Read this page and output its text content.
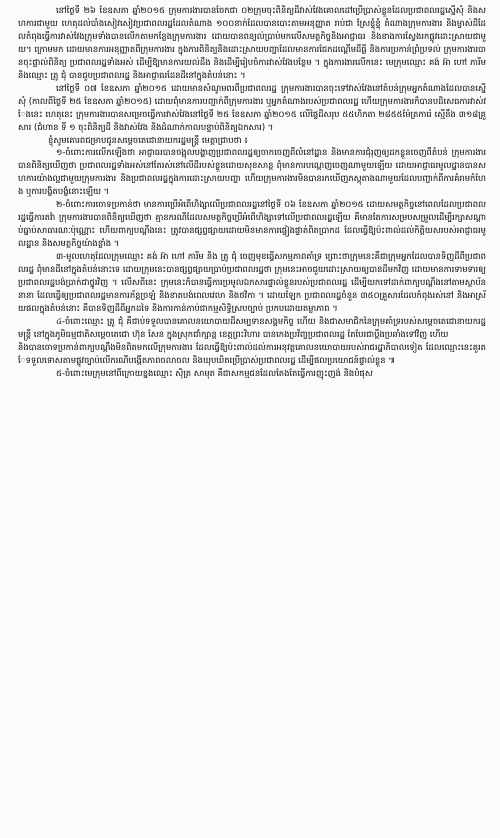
នៅថ្ងៃទី ២៦ ខែឧសភា ឆ្នាំ២០១៥ ក្រុមការងារបានចែកជា ០២ក្រុមចុះពិនិត្យដីវាស់វែងគោលដៅប្រើប្រាស់ខ្លួនដែលប្រជាពលរដ្ឋស្នើសុំ និងសហការជាមួយ ហេតុដល់បាំងសៀវសៀវប្រជាពលរដ្ឋដែលតំណាង ១០០នាក់ដែលបានបោះតាមអនុញ្ញាត រាប់ជា ស្រែខ្ទុំខ្ទុំ តំណាងក្រុមការងារ និងម្ចាស់ដីដែលកំពុងធ្វើការវាស់វែងក្រុមទាំងបានលើកតាមកន្លែងក្រុមការងារ ដោយបានពន្យល់ប្រាប់មកលើសមត្ថកិច្ចនិងអាជ្ញាធរ និងខាងការស្វែងរកផ្លូវដោះស្រាយជាមួយ។ ក្រោមមក ដោយមានការអនុញ្ញាតពីក្រុមការងារ ក្នុងការពិនិត្យនិងដោះស្រាយបញ្ហាដែលមានការជែកដណ្តើមដីធ្លី និងការប្រកាន់ព្រំប្រទល់ ក្រុមការងារបានចុះផ្ទាល់ពិនិត្យ ប្រជាពលរដ្ឋទាំងអស់ ដើម្បីឱ្យមានការយល់ដឹង និងដើម្បីរៀបចំការវាស់វែងបន្ថែម ។ ក្នុងការងារលើកនេះ មេក្រុមឈ្មោះ គង់ អ៊ា ហៅ ភារីម និងឈ្មោះ ត្រូ ជុំ បានជួបប្រជាពលរដ្ឋ និងអាជ្ញាធរដែនដីនៅក្នុងតំបន់នោះ ។

នៅថ្ងៃទី ០៧ ខែឧសភា ឆ្នាំ២០១៥ ដោយមានសំណូមពរពីប្រជាពលរដ្ឋ ក្រុមការងារបានចុះទៅវាស់វែងនៅតំបន់ក្រុមអ្នកតំណាងដែលបានស្នើសុំ (កាលពីថ្ងៃទី ២៥ ខែឧសភា ឆ្នាំ២០១៥) ដោយពុំមានការបញ្ជាក់ពីក្រុមការងារ ឬអ្នកតំណាងរបស់ប្រជាពលរដ្ឋ ហើយក្រុមការងារក៏បានបដិសេធការវាស់វែងនេះ ហេតុនេះ ក្រុមការងារបានសម្រេចធ្វើការវាស់វែងនៅថ្ងៃទី ២៥ ខែឧសភា ឆ្នាំ២០១៥ លើផ្ទៃដីសរុប ៥៥ហិកតា ២៨៥៥ម៉ែត្រការ៉េ ស្មើនឹង ៣១៨គ្រួសារ (ជំហាន ទី ១ ចុះពិនិត្យដី និងវាស់វែង និងដំណាក់កាលបន្ទាប់ពិនិត្យឯកសារ) ។

ខ្ញុំសូមគោរពជម្រាបជូនសម្តេចតេជោនាយករដ្ឋមន្ត្រី មេត្តាជ្រាបថា ៖

១-ចំពោះការលើកឡើងថា អាជ្ញាធរបានចង្អុលបង្ហាញប្រជាពលរដ្ឋឲ្យចាកចេញពីលំនៅដ្ឋាន និងមានការជុំរុញឲ្យដកខ្លួនចេញពីតំបន់ ក្រុមការងារបានពិនិត្យឃើញថា ប្រជាពលរដ្ឋទាំងអស់នៅតែរស់នៅលើដីរបស់ខ្លួនដោយសុខសាន្ត ពុំមានការបណ្តេញចេញណាមួយឡើយ ដោយអាជ្ញាធរមូលដ្ឋានបានសហការយ៉ាងល្អជាមួយក្រុមការងារ និងប្រជាពលរដ្ឋក្នុងការដោះស្រាយបញ្ហា ហើយក្រុមការងារមិនបានរកឃើញភស្តុតាងណាមួយដែលបញ្ជាក់ពីការគំរាមកំហែង ឬការបង្ខិតបង្ខំនោះឡើយ ។

២-ចំពោះការចោទប្រកាន់ថា មានការប្រើអំពើហិង្សាលើប្រជាពលរដ្ឋនៅថ្ងៃទី ០៦ ខែឧសភា ឆ្នាំ២០១៥ ដោយសមត្ថកិច្ចនៅពេលដែលប្រជាពលរដ្ឋធ្វើការតវ៉ា ក្រុមការងារបានពិនិត្យឃើញថា គ្មានករណីដែលសមត្ថកិច្ចប្រើអំពើហិង្សាទៅលើប្រជាពលរដ្ឋឡើយ គឺមានតែការសម្របសម្រួលដើម្បីរក្សាសណ្តាប់ធ្នាប់សាធារណៈប៉ុណ្ណោះ ហើយពាក្យបណ្តឹងនេះ ត្រូវបានផ្សព្វផ្សាយដោយមិនមានការផ្ទៀងផ្ទាត់ពិតប្រាកដ ដែលធ្វើឱ្យប៉ះពាល់ដល់កិត្តិយសរបស់អាជ្ញាធរមូលដ្ឋាន និងសមត្ថកិច្ចយ៉ាងខ្លាំង ។

៣-មូលហេតុដែលក្រុមឈ្មោះ គង់ អ៊ា ហៅ ភារីម និង ត្រូ ជុំ ចេញមុខធ្វើសកម្មភាពគាំទ្រ ព្រោះថាក្រុមនេះគឺជាក្រុមអ្នកដែលបានទិញដីពីប្រជាពលរដ្ឋ ពុំមានដីនៅក្នុងតំបន់នោះទេ ដោយក្រុមនេះបានផ្សព្វផ្សាយប្រាប់ប្រជាពលរដ្ឋថា ក្រុមនេះអាចជួយដោះស្រាយឲ្យបានដីមកវិញ ដោយមានការទាមទារឲ្យប្រជាពលរដ្ឋបង់ប្រាក់ជាថ្នូរវិញ ។ លើសពីនេះ ក្រុមនេះក៏បានធ្វើការប្រមូលឯកសារផ្ទាល់ខ្លួនរបស់ប្រជាពលរដ្ឋ ដើម្បីយកទៅដាក់ពាក្យបណ្តឹងនៅតាមស្ថាប័ននានា ដែលធ្វើឲ្យប្រជាពលរដ្ឋមានការភ័ន្តច្រឡំ និងខាតបង់ពេលវេលា និងថវិកា ។ ដោយឡែក ប្រជាពលរដ្ឋចំនួន ៣៥០គ្រួសារដែលកំពុងរស់នៅ និងអាស្រ័យផលក្នុងតំបន់នោះ គឺបានទិញដីពីអ្នកដទៃ និងការកាន់កាប់ជាកម្មសិទ្ធិស្របច្បាប់ ប្រកបដោយតម្លាភាព ។

៤-ចំពោះឈ្មោះ ត្រូ ជុំ គឺជាប់ទទួលបានគោលនយោបាយដីសម្បទានសង្គមកិច្ច ហើយ និងជាសមាជិកនៃក្រុមគាំទ្ររបស់សម្តេចតេជោនាយករដ្ឋមន្ត្រី នៅក្នុងភូមិធម្មជាតិសម្តេចតេជោ ហ៊ុន សែន ក្នុងស្រុកជាំក្សាន្ត ខេត្តព្រះវិហារ បានកេងប្រវ័ញ្ចប្រជាពលរដ្ឋ តែបែរជាប្តឹងប្រឆាំងទៅវិញ ហើយ

និងបានចោទប្រកាន់ពាក្យបណ្តឹងមិនពិតមកលើក្រុមការងារ ដែលធ្វើឱ្យប៉ះពាល់ដល់ការអនុវត្តគោលនយោបាយរបស់រាជរដ្ឋាភិបាលទៀត ដែលឈ្មោះនេះគួរតែទទួលទោសតាមផ្លូវច្បាប់លើករណីបង្កើតភាពចលាចល និងឃុបឃិតប្រើប្រាស់ប្រជាពលរដ្ឋ ដើម្បីផលប្រយោជន៍ផ្ទាល់ខ្លួន ៕

៥-ចំពោះមេក្រុមនៅពីក្រោយខ្នងឈ្មោះ ស៊ិត្រ សាមុត គឺជាសកម្មជនដែលតែងតែធ្វើការញុះញង់ និងបំផុស
